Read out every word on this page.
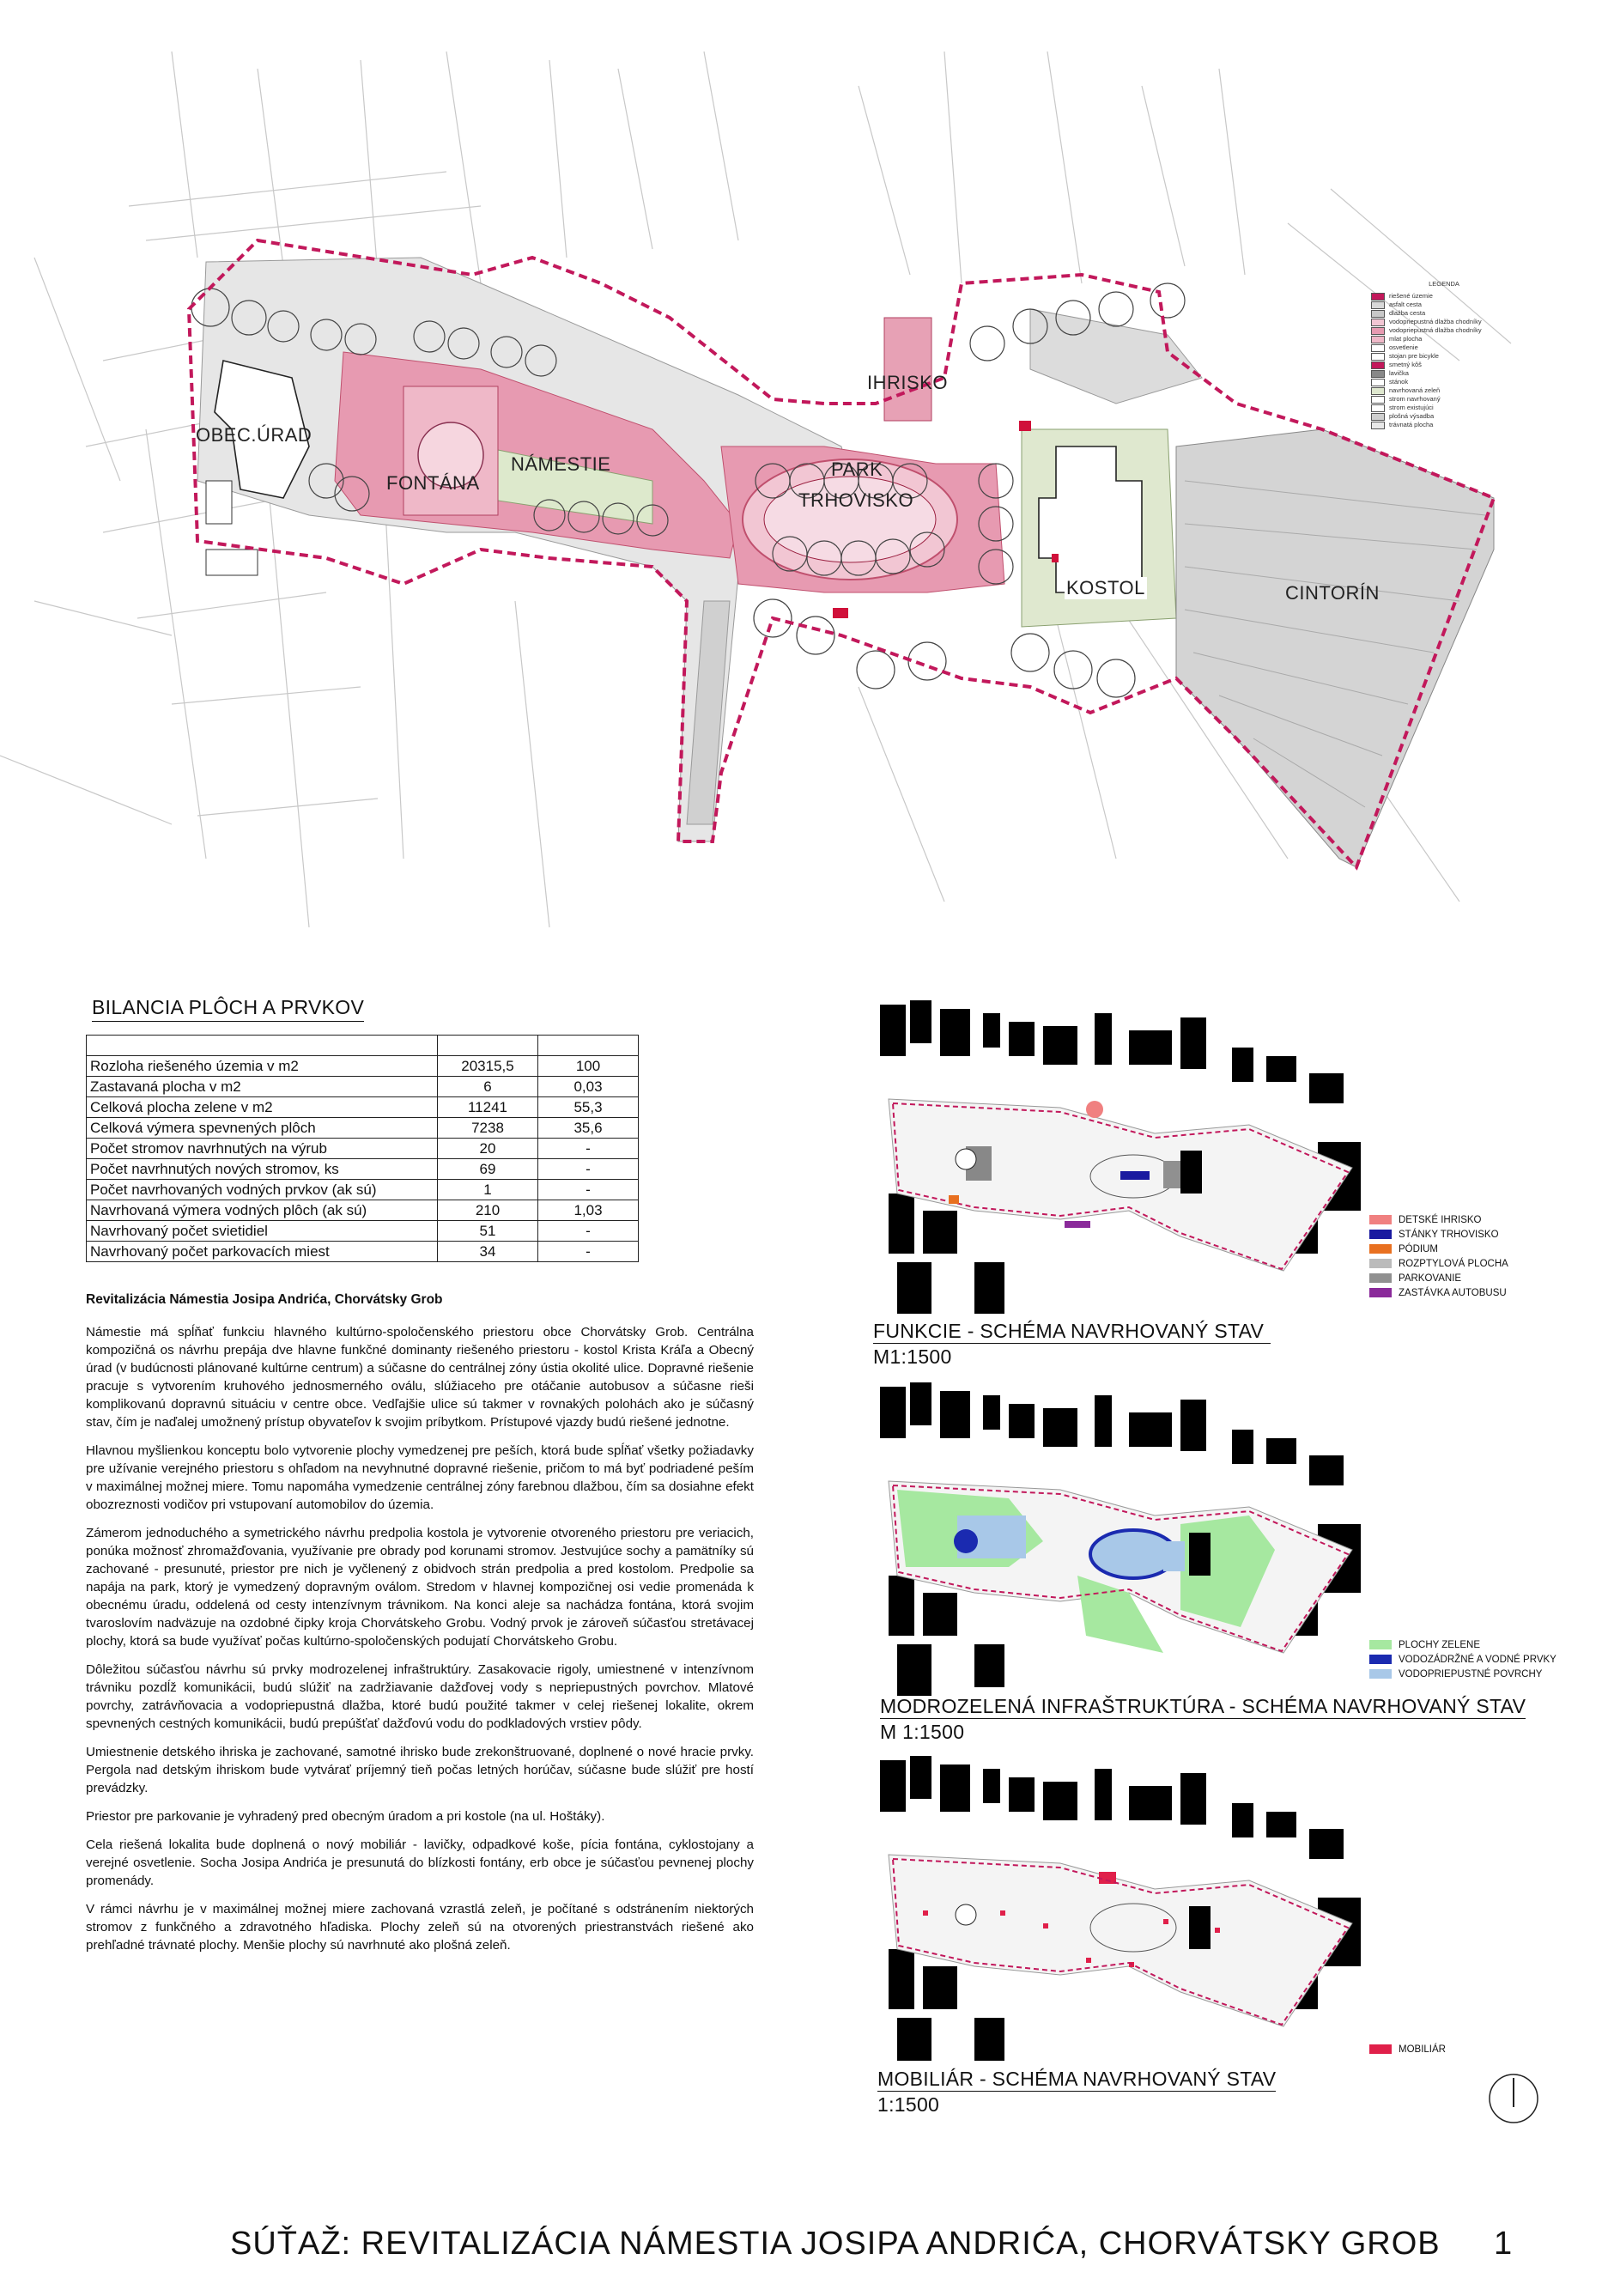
OBEC.ÚRAD
FONTÁNA
NÁMESTIE
IHRISKO
PARK
TRHOVISKO
KOSTOL	CINTORÍN
LEGENDA
riešené územie
asfalt cesta
dlažba cesta
vodopriepustná dlažba chodníky
vodopriepustná dlažba chodníky
mlat plocha
osvetlenie
stojan pre bicykle
smetný kôš
lavička
stánok
navrhovaná zeleň
strom navrhovaný
strom existujúci
plošná výsadba
trávnatá plocha
BILANCIA PLÔCH A PRVKOV

Rozloha riešeného územia v m2	20315,5	100
Zastavaná plocha v m2	6	0,03
Celková plocha zelene v m2	11241	55,3
Celková výmera spevnených plôch	7238	35,6
Počet stromov navrhnutých na výrub	20	-
Počet navrhnutých nových stromov, ks	69	-
Počet navrhovaných vodných prvkov (ak sú)	1	-
Navrhovaná výmera vodných plôch (ak sú)	210	1,03
Navrhovaný počet svietidiel	51	-
Navrhovaný počet parkovacích miest	34	-
Revitalizácia Námestia Josipa Andrića, Chorvátsky Grob

Námestie má spĺňať funkciu hlavného kultúrno-spoločenského priestoru obce Chorvátsky Grob. Centrálna kompozičná os návrhu prepája dve hlavne funkčné dominanty riešeného priestoru - kostol Krista Kráľa a Obecný úrad (v budúcnosti plánované kultúrne centrum) a súčasne do centrálnej zóny ústia okolité ulice. Dopravné riešenie pracuje s vytvorením kruhového jednosmerného oválu, slúžiaceho pre otáčanie autobusov a súčasne rieši komplikovanú dopravnú situáciu v centre obce. Vedľajšie ulice sú takmer v rovnakých polohách ako je súčasný stav, čím je naďalej umožnený prístup obyvateľov k svojim príbytkom. Prístupové vjazdy budú riešené jednotne.

Hlavnou myšlienkou konceptu bolo vytvorenie plochy vymedzenej pre peších, ktorá bude spĺňať všetky požiadavky pre užívanie verejného priestoru s ohľadom na nevyhnutné dopravné riešenie, pričom to má byť podriadené peším v maximálnej možnej miere. Tomu napomáha vymedzenie centrálnej zóny farebnou dlažbou, čím sa dosiahne efekt obozreznosti vodičov pri vstupovaní automobilov do územia.

Zámerom jednoduchého a symetrického návrhu predpolia kostola je vytvorenie otvoreného priestoru pre veriacich, ponúka možnosť zhromažďovania, využívanie pre obrady pod korunami stromov. Jestvujúce sochy a pamätníky sú zachované - presunuté, priestor pre nich je vyčlenený z obidvoch strán predpolia a pred kostolom. Predpolie sa napája na park, ktorý je vymedzený dopravným oválom. Stredom v hlavnej kompozičnej osi vedie promenáda k obecnému úradu, oddelená od cesty intenzívnym trávnikom. Na konci aleje sa nachádza fontána, ktorá svojim tvaroslovím nadväzuje na ozdobné čipky kroja Chorvátskeho Grobu. Vodný prvok je zároveň súčasťou stretávacej plochy, ktorá sa bude využívať počas kultúrno-spoločenských podujatí Chorvátskeho Grobu.

Dôležitou súčasťou návrhu sú prvky modrozelenej infraštruktúry. Zasakovacie rigoly, umiestnené v intenzívnom trávniku pozdĺž komunikácii, budú slúžiť na zadržiavanie dažďovej vody s nepriepustných povrchov. Mlatové povrchy, zatrávňovacia a vodopriepustná dlažba, ktoré budú použité takmer v celej riešenej lokalite, okrem spevnených cestných komunikácii, budú prepúšťať dažďovú vodu do podkladových vrstiev pôdy.

Umiestnenie detského ihriska je zachované, samotné ihrisko bude zrekonštruované, doplnené o nové hracie prvky. Pergola nad detským ihriskom bude vytvárať príjemný tieň počas letných horúčav, súčasne bude slúžiť pre hostí prevádzky.

Priestor pre parkovanie je vyhradený pred obecným úradom a pri kostole (na ul. Hoštáky).

Cela riešená lokalita bude doplnená o nový mobiliár - lavičky, odpadkové koše, pícia fontána, cyklostojany a verejné osvetlenie. Socha Josipa Andrića je presunutá do blízkosti fontány, erb obce je súčasťou pevnenej plochy promenády.

V rámci návrhu je v maximálnej možnej miere zachovaná vzrastlá zeleň, je počítané s odstránením niektorých stromov z funkčného a zdravotného hľadiska. Plochy zeleň sú na otvorených priestranstvách riešené ako prehľadné trávnaté plochy. Menšie plochy sú navrhnuté ako plošná zeleň.

DETSKÉ IHRISKO
STÁNKY TRHOVISKO
PÓDIUM
ROZPTYLOVÁ PLOCHA
PARKOVANIE
ZASTÁVKA AUTOBUSU
FUNKCIE - SCHÉMA NAVRHOVANÝ STAV
M1:1500
PLOCHY ZELENE
VODOZÁDRŽNÉ A VODNÉ PRVKY
VODOPRIEPUSTNÉ POVRCHY
MODROZELENÁ INFRAŠTRUKTÚRA - SCHÉMA NAVRHOVANÝ STAV
M 1:1500
MOBILIÁR
MOBILIÁR - SCHÉMA NAVRHOVANÝ STAV
1:1500
SÚŤAŽ: REVITALIZÁCIA NÁMESTIA JOSIPA ANDRIĆA, CHORVÁTSKY GROB 1
